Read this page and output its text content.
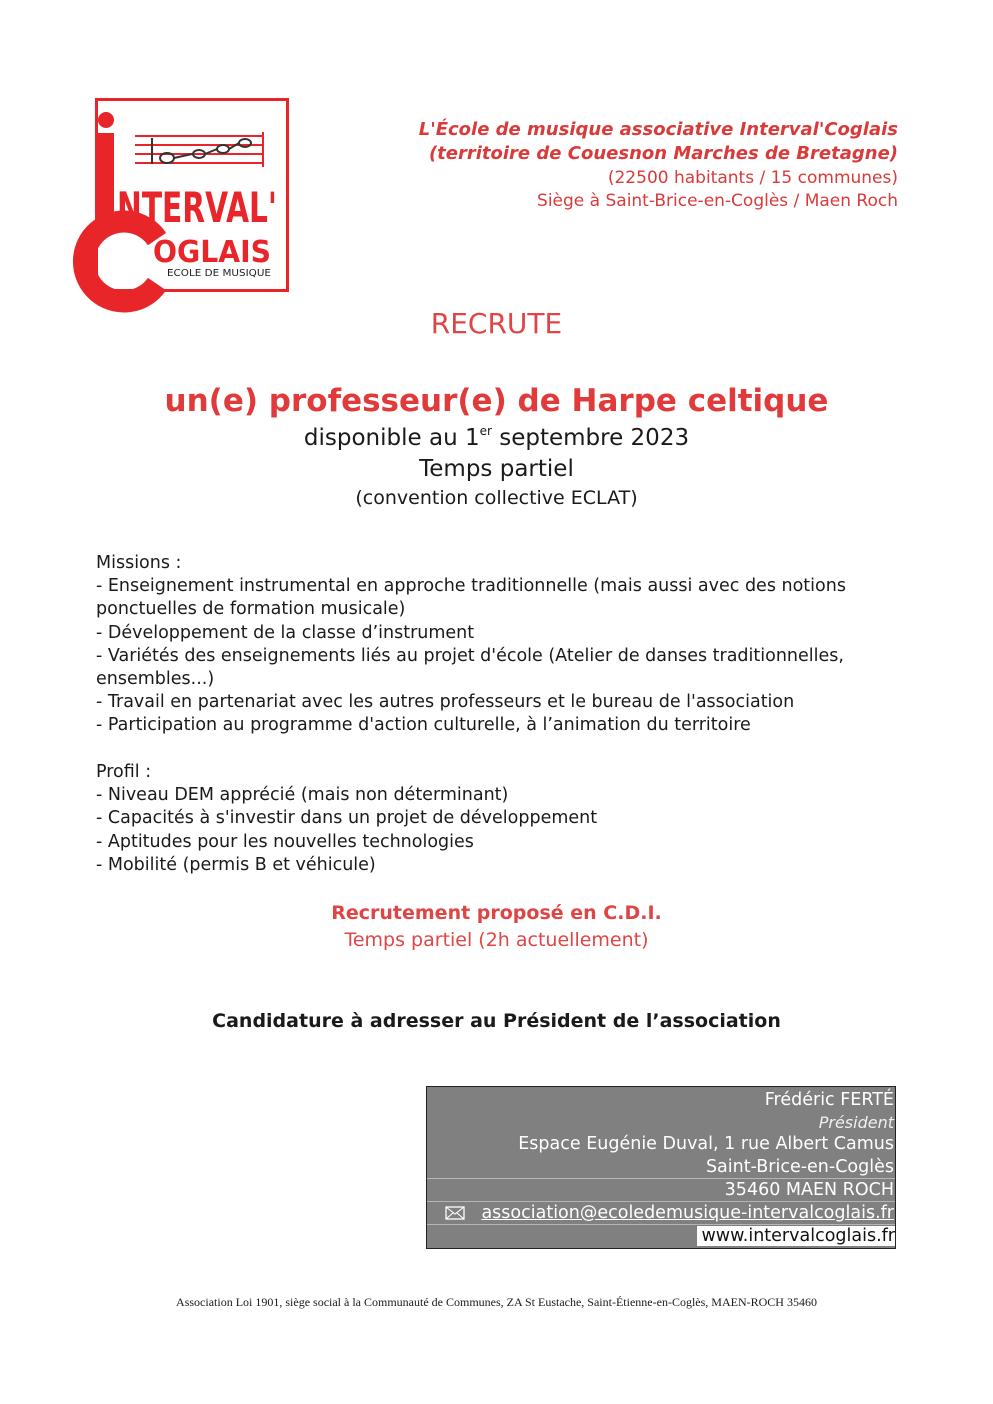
NTERVAL'
OGLAIS
ECOLE DE MUSIQUE
L'École de musique associative Interval'Coglais
(territoire de Couesnon Marches de Bretagne)
(22500 habitants / 15 communes)
Siège à Saint-Brice-en-Coglès / Maen Roch
RECRUTE
un(e) professeur(e) de Harpe celtique
disponible au 1er septembre 2023
Temps partiel
(convention collective ECLAT)

Missions :

- Enseignement instrumental en approche traditionnelle (mais aussi avec des notions ponctuelles de formation musicale)

- Développement de la classe d’instrument

- Variétés des enseignements liés au projet d'école (Atelier de danses traditionnelles, ensembles...)

- Travail en partenariat avec les autres professeurs et le bureau de l'association

- Participation au programme d'action culturelle, à l’animation du territoire

Profil :

- Niveau DEM apprécié (mais non déterminant)

- Capacités à s'investir dans un projet de développement

- Aptitudes pour les nouvelles technologies

- Mobilité (permis B et véhicule)

Recrutement proposé en C.D.I.
Temps partiel (2h actuellement)
Candidature à adresser au Président de l’association
Frédéric FERTÉ
Président
Espace Eugénie Duval, 1 rue Albert Camus
Saint-Brice-en-Coglès
35460 MAEN ROCH
association@ecoledemusique-intervalcoglais.fr
www.intervalcoglais.fr
Association Loi 1901, siège social à la Communauté de Communes, ZA St Eustache, Saint-Étienne-en-Coglès, MAEN-ROCH 35460
